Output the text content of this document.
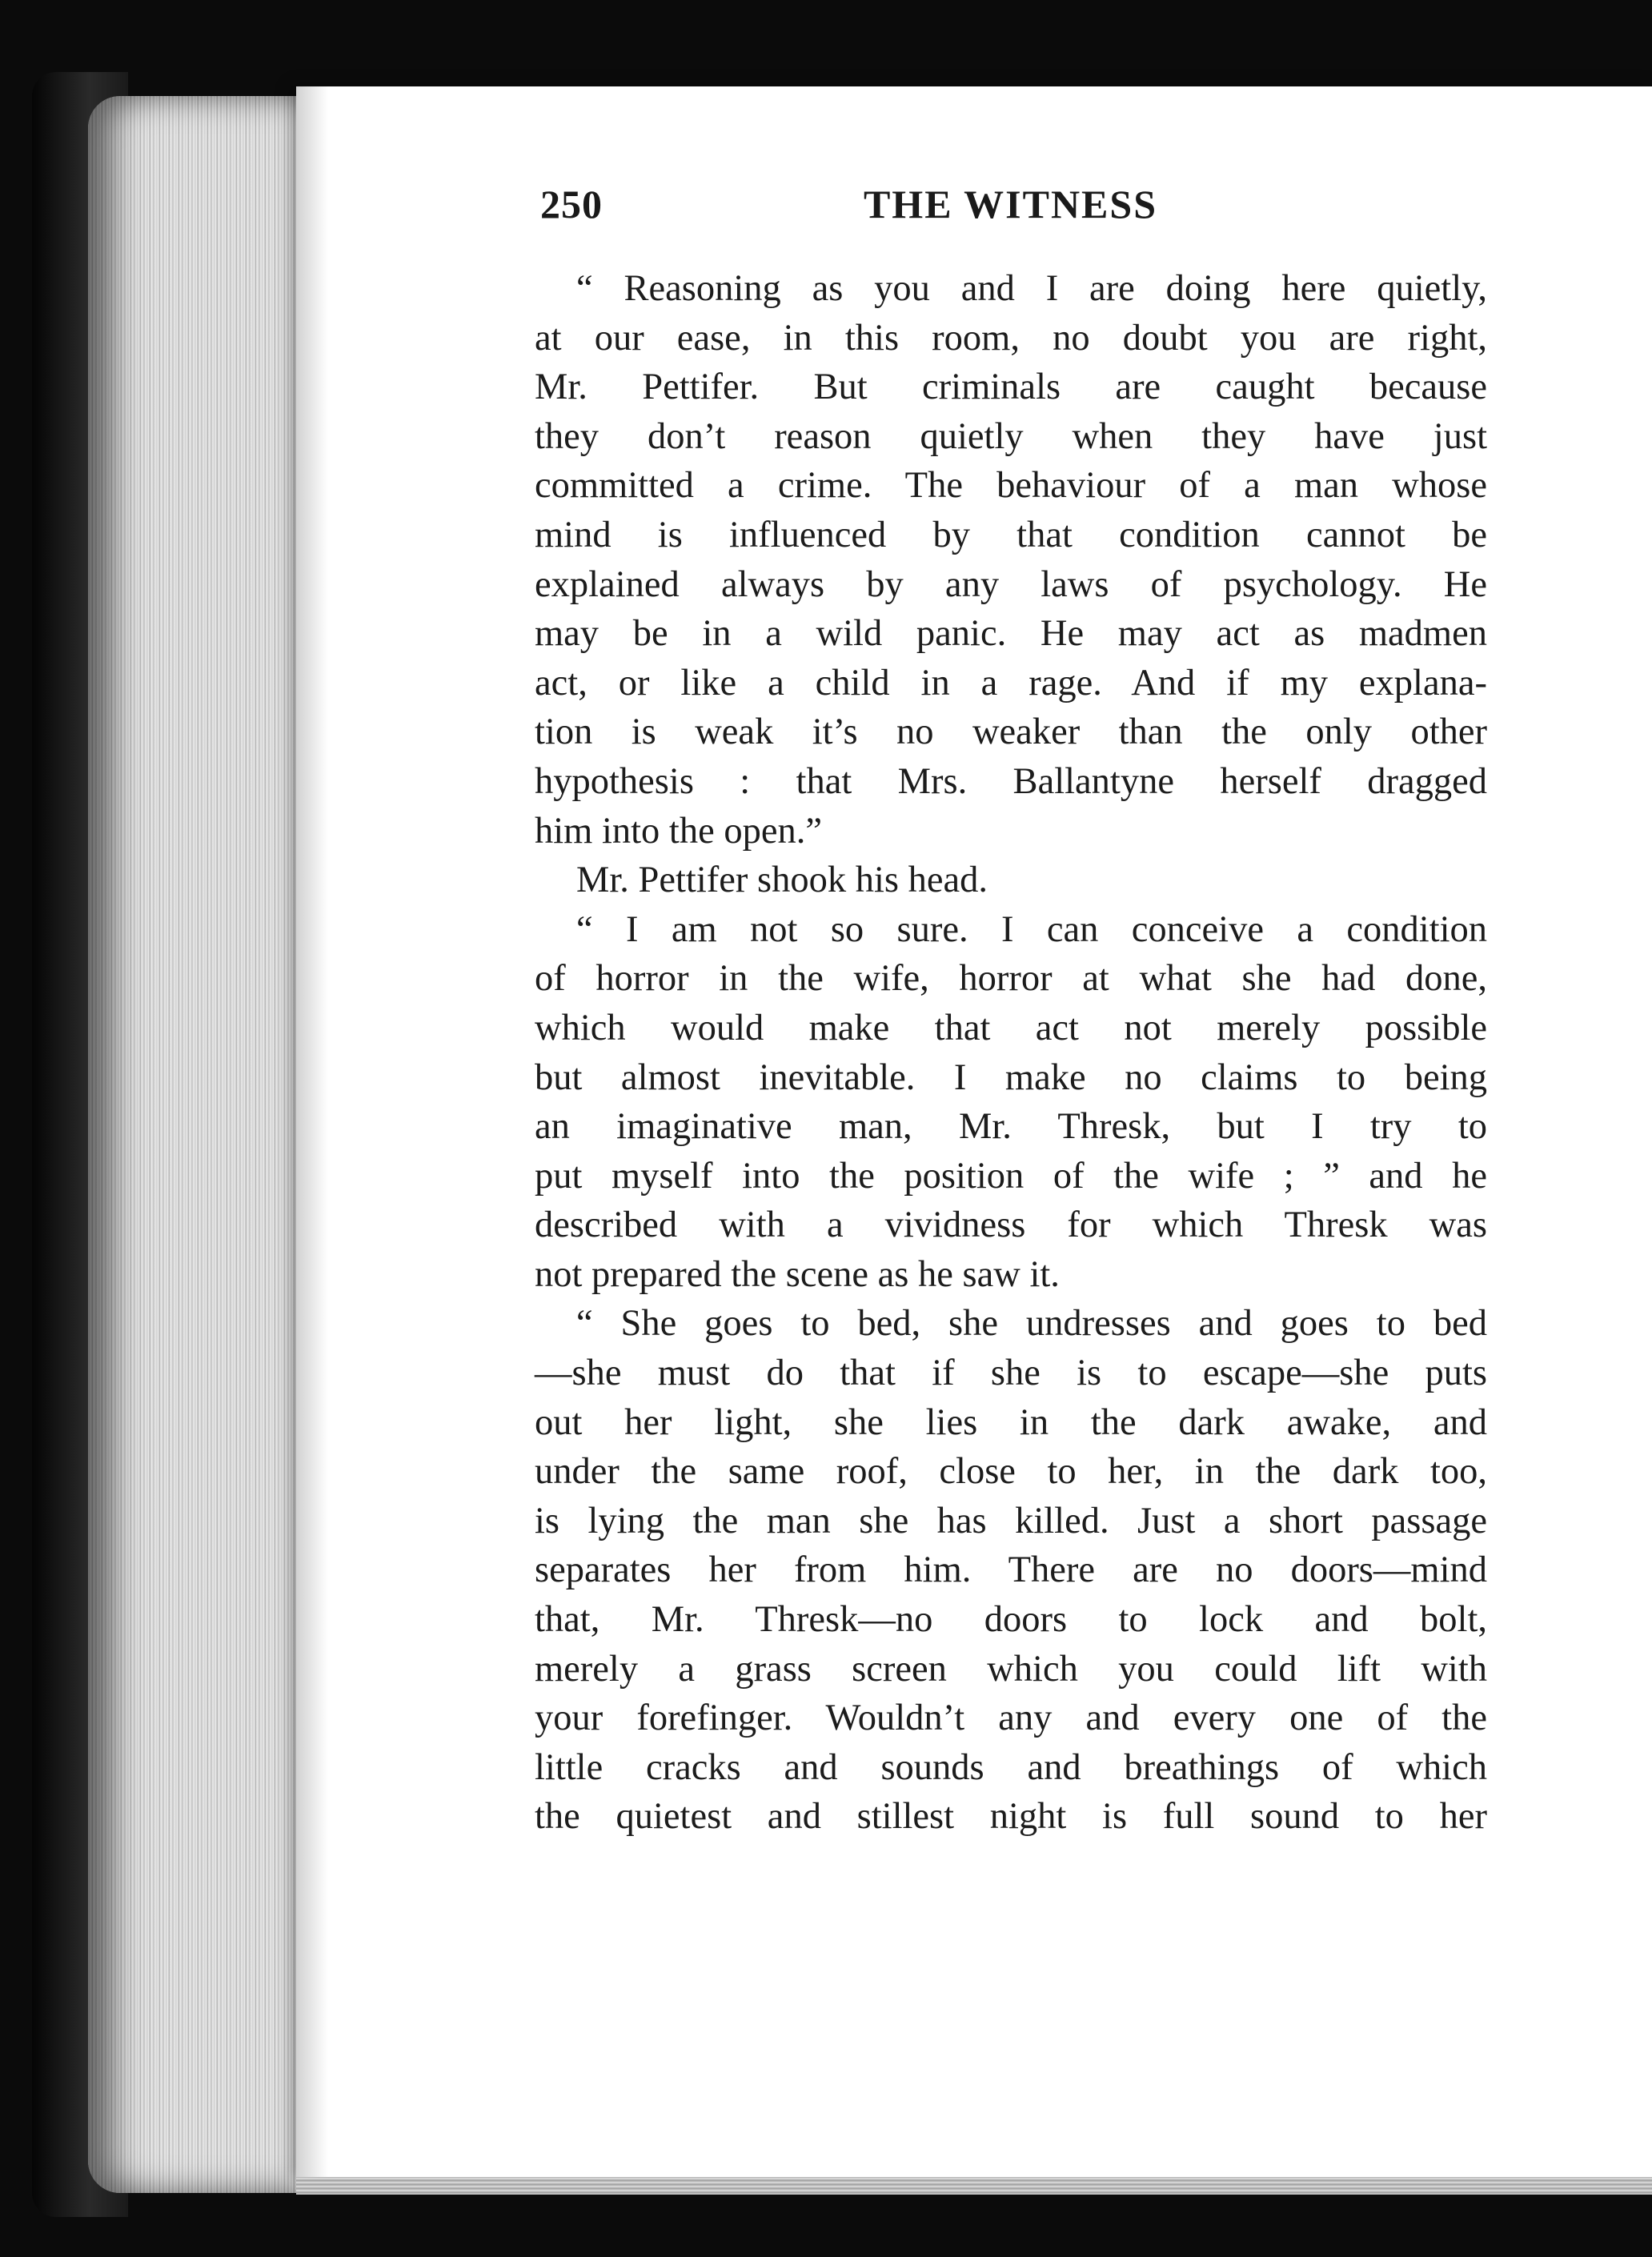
250	THE WITNESS
“ Reasoning as you and I are doing here quietly,
at our ease, in this room, no doubt you are right,
Mr. Pettifer. But criminals are caught because
they don’t reason quietly when they have just
committed a crime. The behaviour of a man whose
mind is influenced by that condition cannot be
explained always by any laws of psychology. He
may be in a wild panic. He may act as madmen
act, or like a child in a rage. And if my explana-
tion is weak it’s no weaker than the only other
hypothesis : that Mrs. Ballantyne herself dragged
him into the open.”
Mr. Pettifer shook his head.
“ I am not so sure. I can conceive a condition
of horror in the wife, horror at what she had done,
which would make that act not merely possible
but almost inevitable. I make no claims to being
an imaginative man, Mr. Thresk, but I try to
put myself into the position of the wife ; ” and he
described with a vividness for which Thresk was
not prepared the scene as he saw it.
“ She goes to bed, she undresses and goes to bed
—she must do that if she is to escape—she puts
out her light, she lies in the dark awake, and
under the same roof, close to her, in the dark too,
is lying the man she has killed. Just a short passage
separates her from him. There are no doors—mind
that, Mr. Thresk—no doors to lock and bolt,
merely a grass screen which you could lift with
your forefinger. Wouldn’t any and every one of the
little cracks and sounds and breathings of which
the quietest and stillest night is full sound to her
